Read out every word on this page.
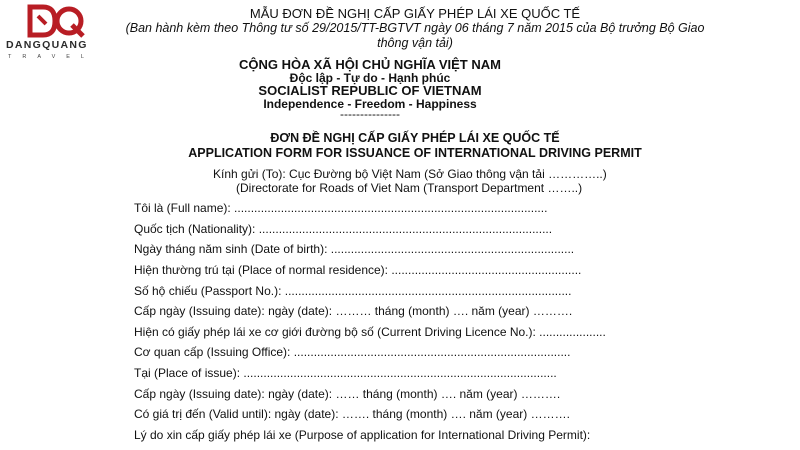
DANGQUANG
TRAVEL
MẪU ĐƠN ĐỀ NGHỊ CẤP GIẤY PHÉP LÁI XE QUỐC TẾ
(Ban hành kèm theo Thông tư số 29/2015/TT-BGTVT ngày 06 tháng 7 năm 2015 của Bộ trưởng Bộ Giao
thông vận tải)
CỘNG HÒA XÃ HỘI CHỦ NGHĨA VIỆT NAM
Độc lập - Tự do - Hạnh phúc
SOCIALIST REPUBLIC OF VIETNAM
Independence - Freedom - Happiness
---------------
ĐƠN ĐỀ NGHỊ CẤP GIẤY PHÉP LÁI XE QUỐC TẾ
APPLICATION FORM FOR ISSUANCE OF INTERNATIONAL DRIVING PERMIT
Kính gửi (To): Cục Đường bộ Việt Nam (Sở Giao thông vận tải …………..)
(Directorate for Roads of Viet Nam (Transport Department ……..)
Tôi là (Full name): ..............................................................................................
Quốc tịch (Nationality): ........................................................................................
Ngày tháng năm sinh (Date of birth): .........................................................................
Hiện thường trú tại (Place of normal residence): .........................................................
Số hộ chiếu (Passport No.): ......................................................................................
Cấp ngày (Issuing date): ngày (date): ……… tháng (month) …. năm (year) ……….
Hiện có giấy phép lái xe cơ giới đường bộ số (Current Driving Licence No.): ....................
Cơ quan cấp (Issuing Office): ...................................................................................
Tại (Place of issue): ..............................................................................................
Cấp ngày (Issuing date): ngày (date): …… tháng (month) …. năm (year) ……….
Có giá trị đến (Valid until): ngày (date): ……. tháng (month) …. năm (year) ……….
Lý do xin cấp giấy phép lái xe (Purpose of application for International Driving Permit):
